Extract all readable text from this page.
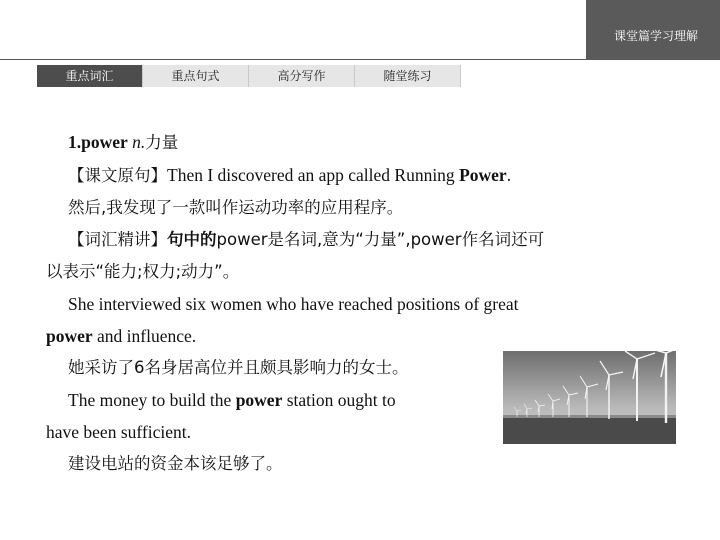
课堂篇学习理解
重点词汇	重点句式	高分写作	随堂练习
1.power n.力量
【课文原句】Then I discovered an app called Running Power.
然后,我发现了一款叫作运动功率的应用程序。
【词汇精讲】句中的power是名词,意为“力量”,power作名词还可
以表示“能力;权力;动力”。
She interviewed six women who have reached positions of great
power and influence.
她采访了6名身居高位并且颇具影响力的女士。
The money to build the power station ought to
have been sufficient.
建设电站的资金本该足够了。
